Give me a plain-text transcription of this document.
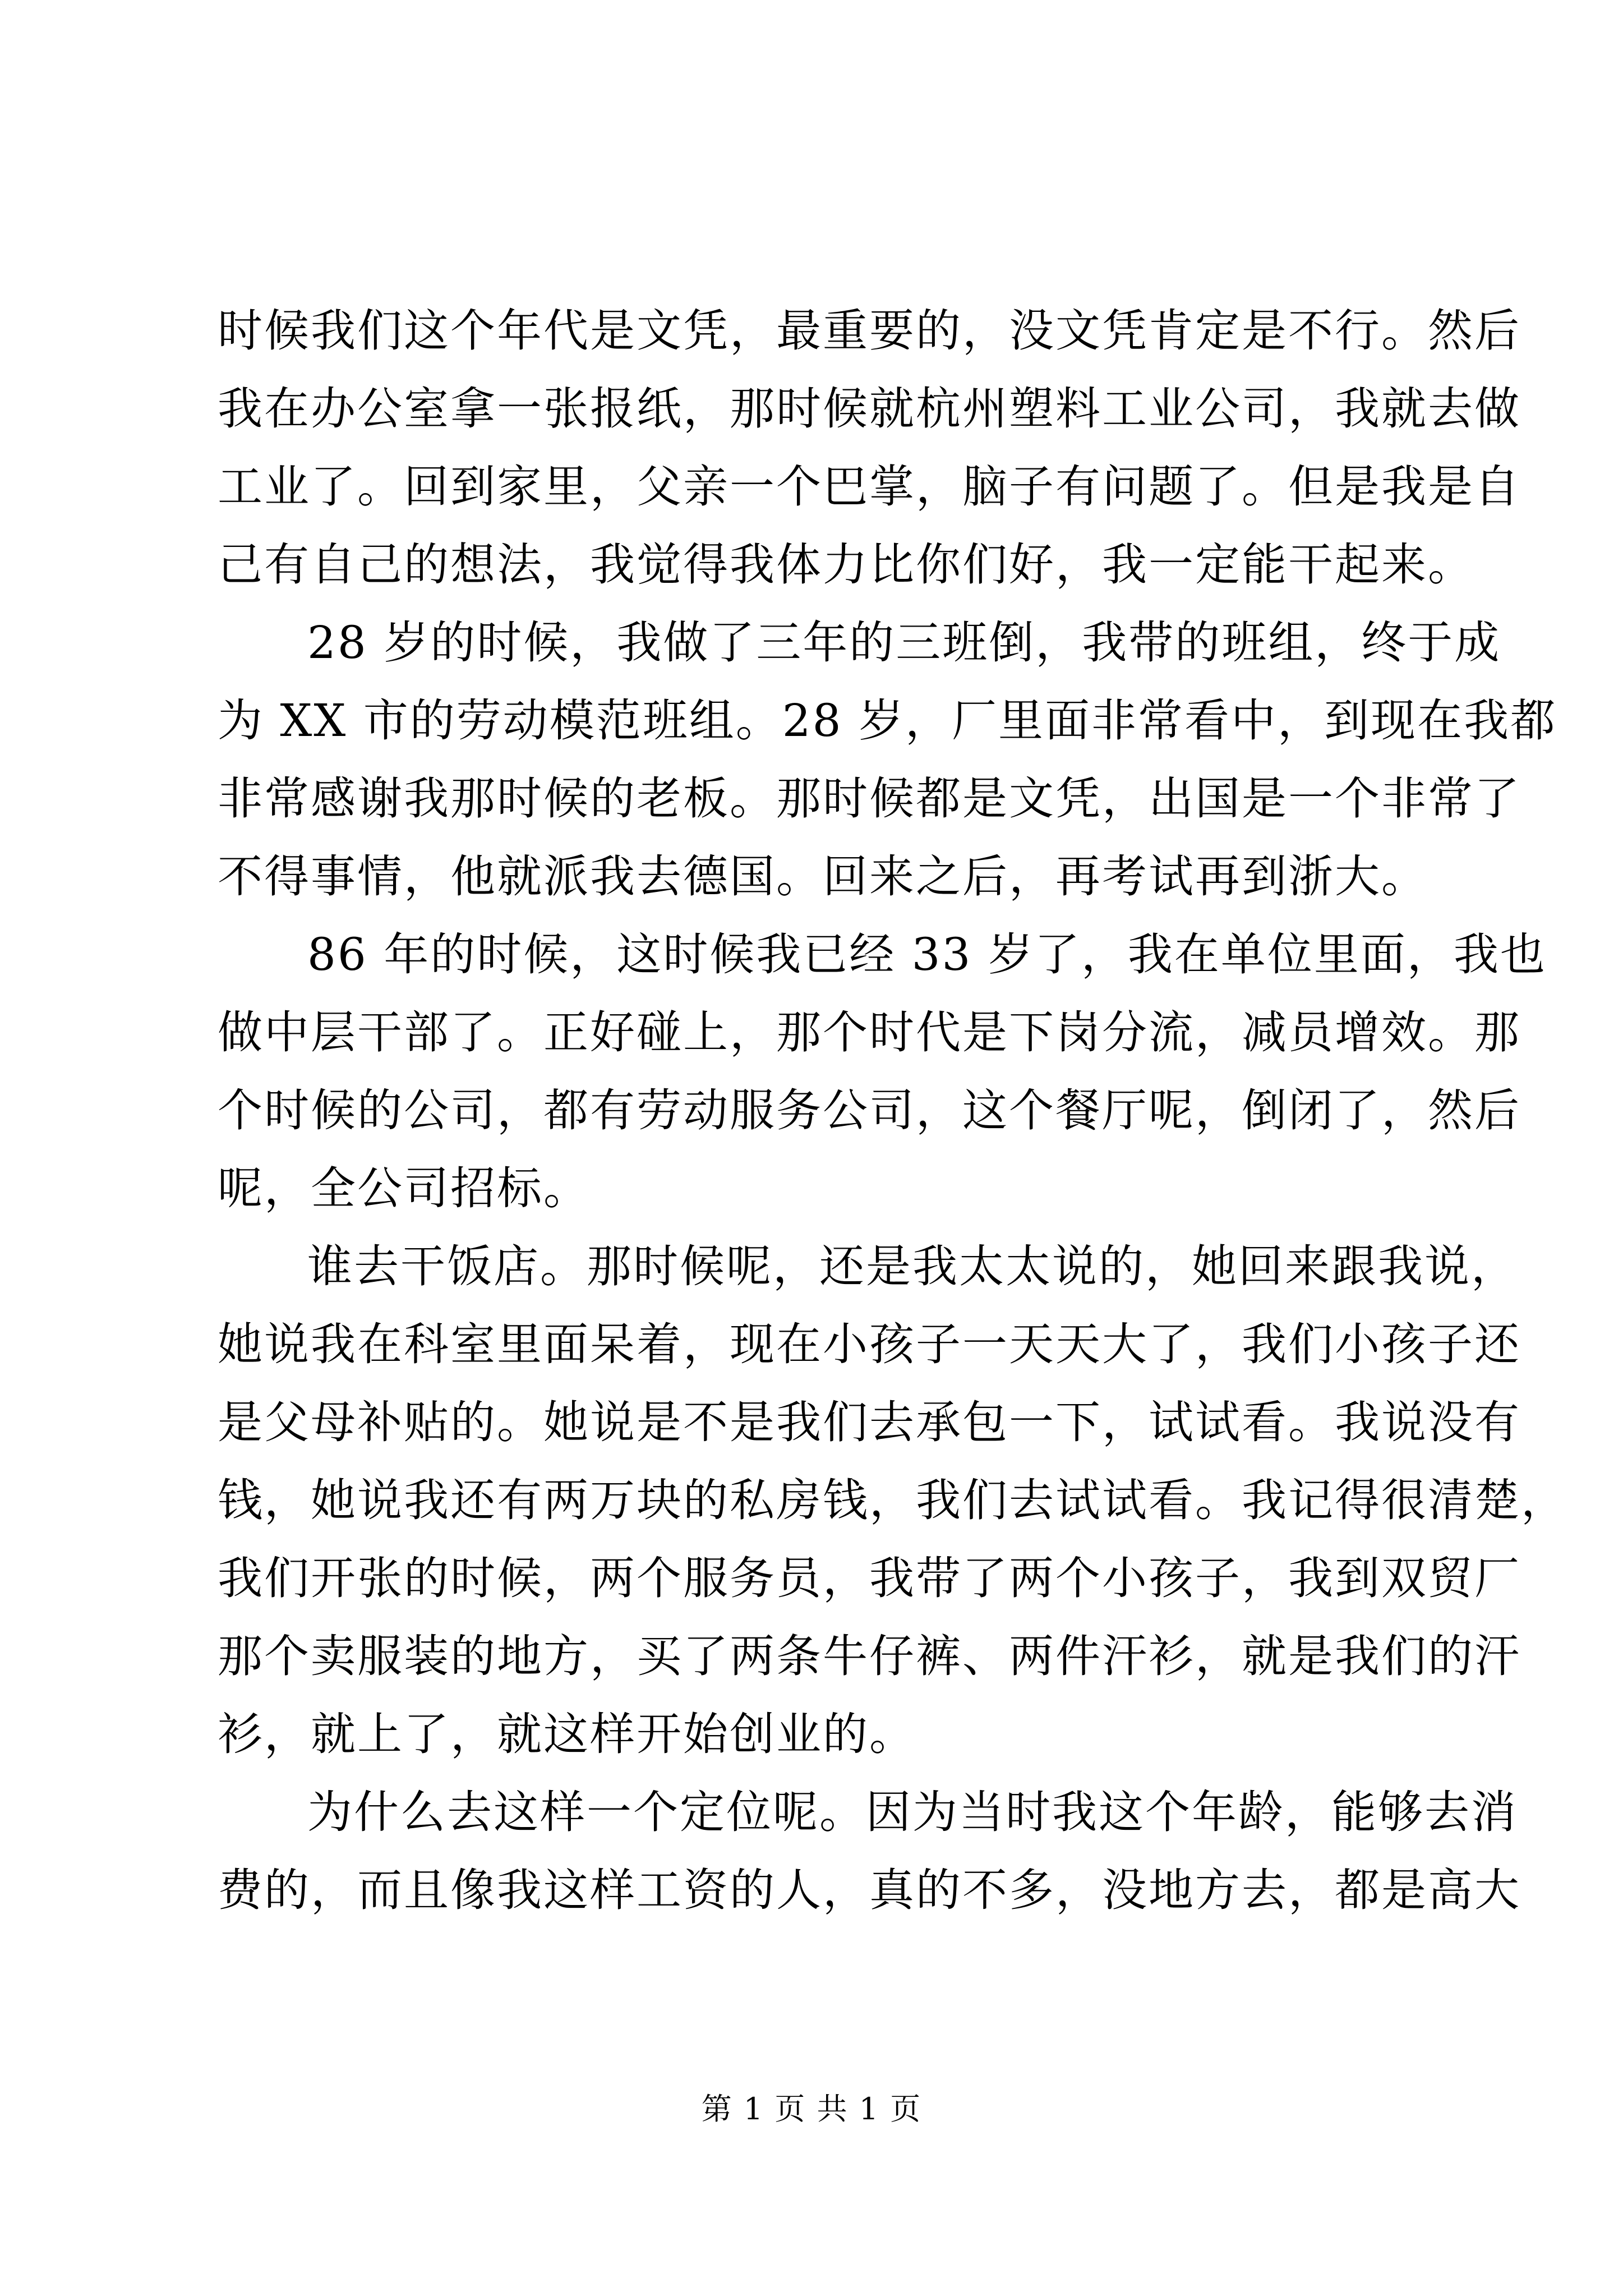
时候我们这个年代是文凭，最重要的，没文凭肯定是不行。然后
我在办公室拿一张报纸，那时候就杭州塑料工业公司，我就去做
工业了。回到家里，父亲一个巴掌，脑子有问题了。但是我是自
己有自己的想法，我觉得我体力比你们好，我一定能干起来。
28 岁的时候，我做了三年的三班倒，我带的班组，终于成
为 XX 市的劳动模范班组。28 岁，厂里面非常看中，到现在我都
非常感谢我那时候的老板。那时候都是文凭，出国是一个非常了
不得事情，他就派我去德国。回来之后，再考试再到浙大。
86 年的时候，这时候我已经 33 岁了，我在单位里面，我也
做中层干部了。正好碰上，那个时代是下岗分流，减员增效。那
个时候的公司，都有劳动服务公司，这个餐厅呢，倒闭了，然后
呢，全公司招标。
谁去干饭店。那时候呢，还是我太太说的，她回来跟我说，
她说我在科室里面呆着，现在小孩子一天天大了，我们小孩子还
是父母补贴的。她说是不是我们去承包一下，试试看。我说没有
钱，她说我还有两万块的私房钱，我们去试试看。我记得很清楚，
我们开张的时候，两个服务员，我带了两个小孩子，我到双贸厂
那个卖服装的地方，买了两条牛仔裤、两件汗衫，就是我们的汗
衫，就上了，就这样开始创业的。
为什么去这样一个定位呢。因为当时我这个年龄，能够去消
费的，而且像我这样工资的人，真的不多，没地方去，都是高大
第 1 页 共 1 页
